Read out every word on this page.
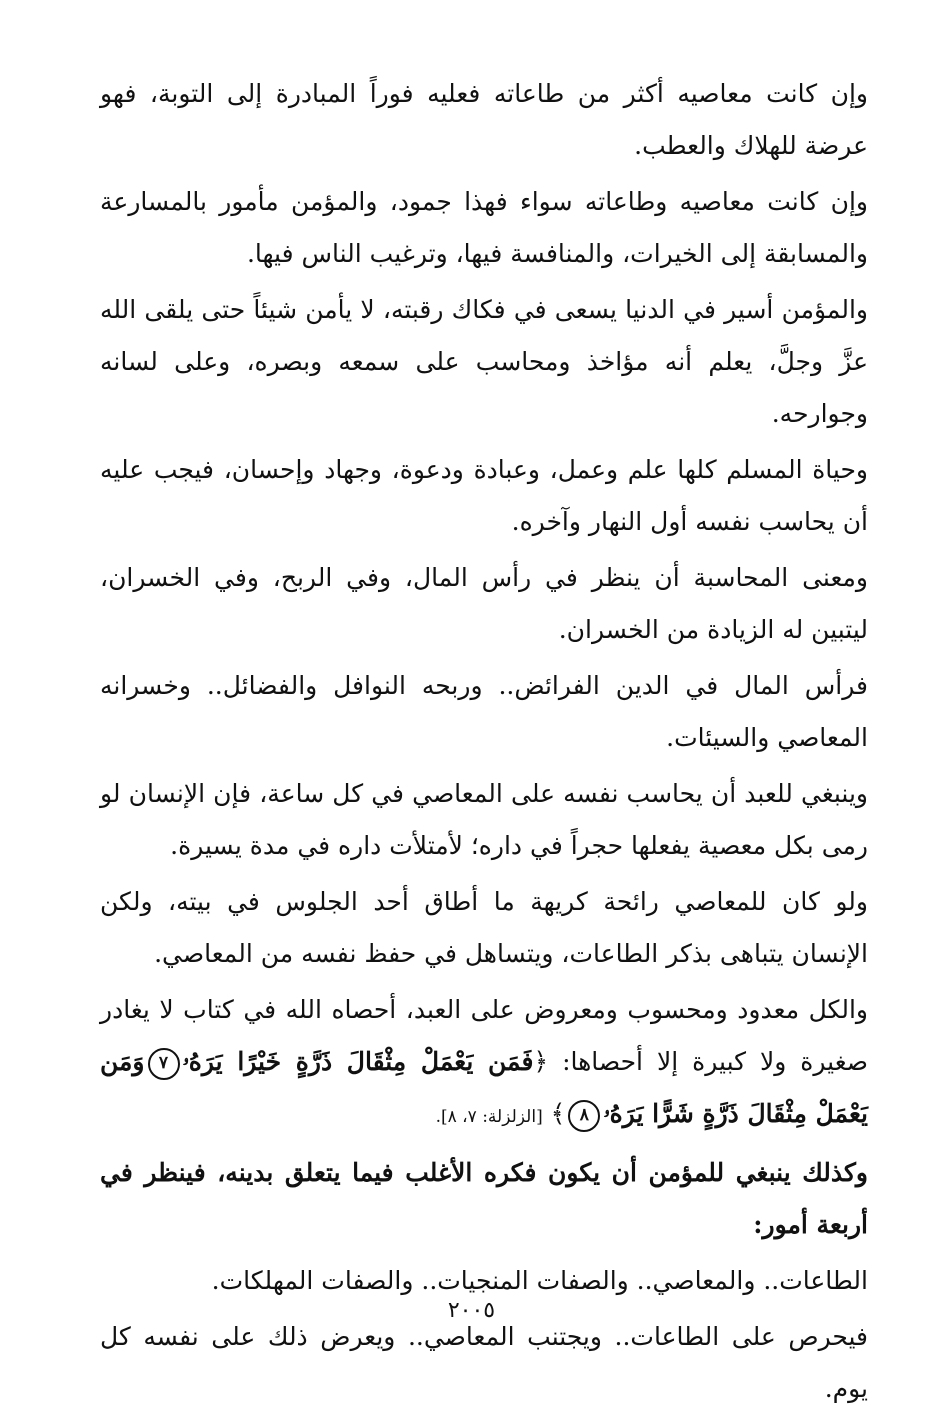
وإن كانت معاصيه أكثر من طاعاته فعليه فوراً المبادرة إلى التوبة، فهو عرضة للهلاك والعطب.

وإن كانت معاصيه وطاعاته سواء فهذا جمود، والمؤمن مأمور بالمسارعة والمسابقة إلى الخيرات، والمنافسة فيها، وترغيب الناس فيها.

والمؤمن أسير في الدنيا يسعى في فكاك رقبته، لا يأمن شيئاً حتى يلقى الله عزَّ وجلَّ، يعلم أنه مؤاخذ ومحاسب على سمعه وبصره، وعلى لسانه وجوارحه.

وحياة المسلم كلها علم وعمل، وعبادة ودعوة، وجهاد وإحسان، فيجب عليه أن يحاسب نفسه أول النهار وآخره.

ومعنى المحاسبة أن ينظر في رأس المال، وفي الربح، وفي الخسران، ليتبين له الزيادة من الخسران.

فرأس المال في الدين الفرائض.. وربحه النوافل والفضائل.. وخسرانه المعاصي والسيئات.

وينبغي للعبد أن يحاسب نفسه على المعاصي في كل ساعة، فإن الإنسان لو رمى بكل معصية يفعلها حجراً في داره؛ لأمتلأت داره في مدة يسيرة.

ولو كان للمعاصي رائحة كريهة ما أطاق أحد الجلوس في بيته، ولكن الإنسان يتباهى بذكر الطاعات، ويتساهل في حفظ نفسه من المعاصي.

والكل معدود ومحسوب ومعروض على العبد، أحصاه الله في كتاب لا يغادر صغيرة ولا كبيرة إلا أحصاها: ﴿فَمَن يَعْمَلْ مِثْقَالَ ذَرَّةٍ خَيْرًا يَرَهُۥ٧وَمَن يَعْمَلْ مِثْقَالَ ذَرَّةٍ شَرًّا يَرَهُۥ٨﴾ [الزلزلة: ٧، ٨].

وكذلك ينبغي للمؤمن أن يكون فكره الأغلب فيما يتعلق بدينه، فينظر في أربعة أمور:

الطاعات.. والمعاصي.. والصفات المنجيات.. والصفات المهلكات.

فيحرص على الطاعات.. ويجتنب المعاصي.. ويعرض ذلك على نفسه كل يوم.

٢٠٠٥
